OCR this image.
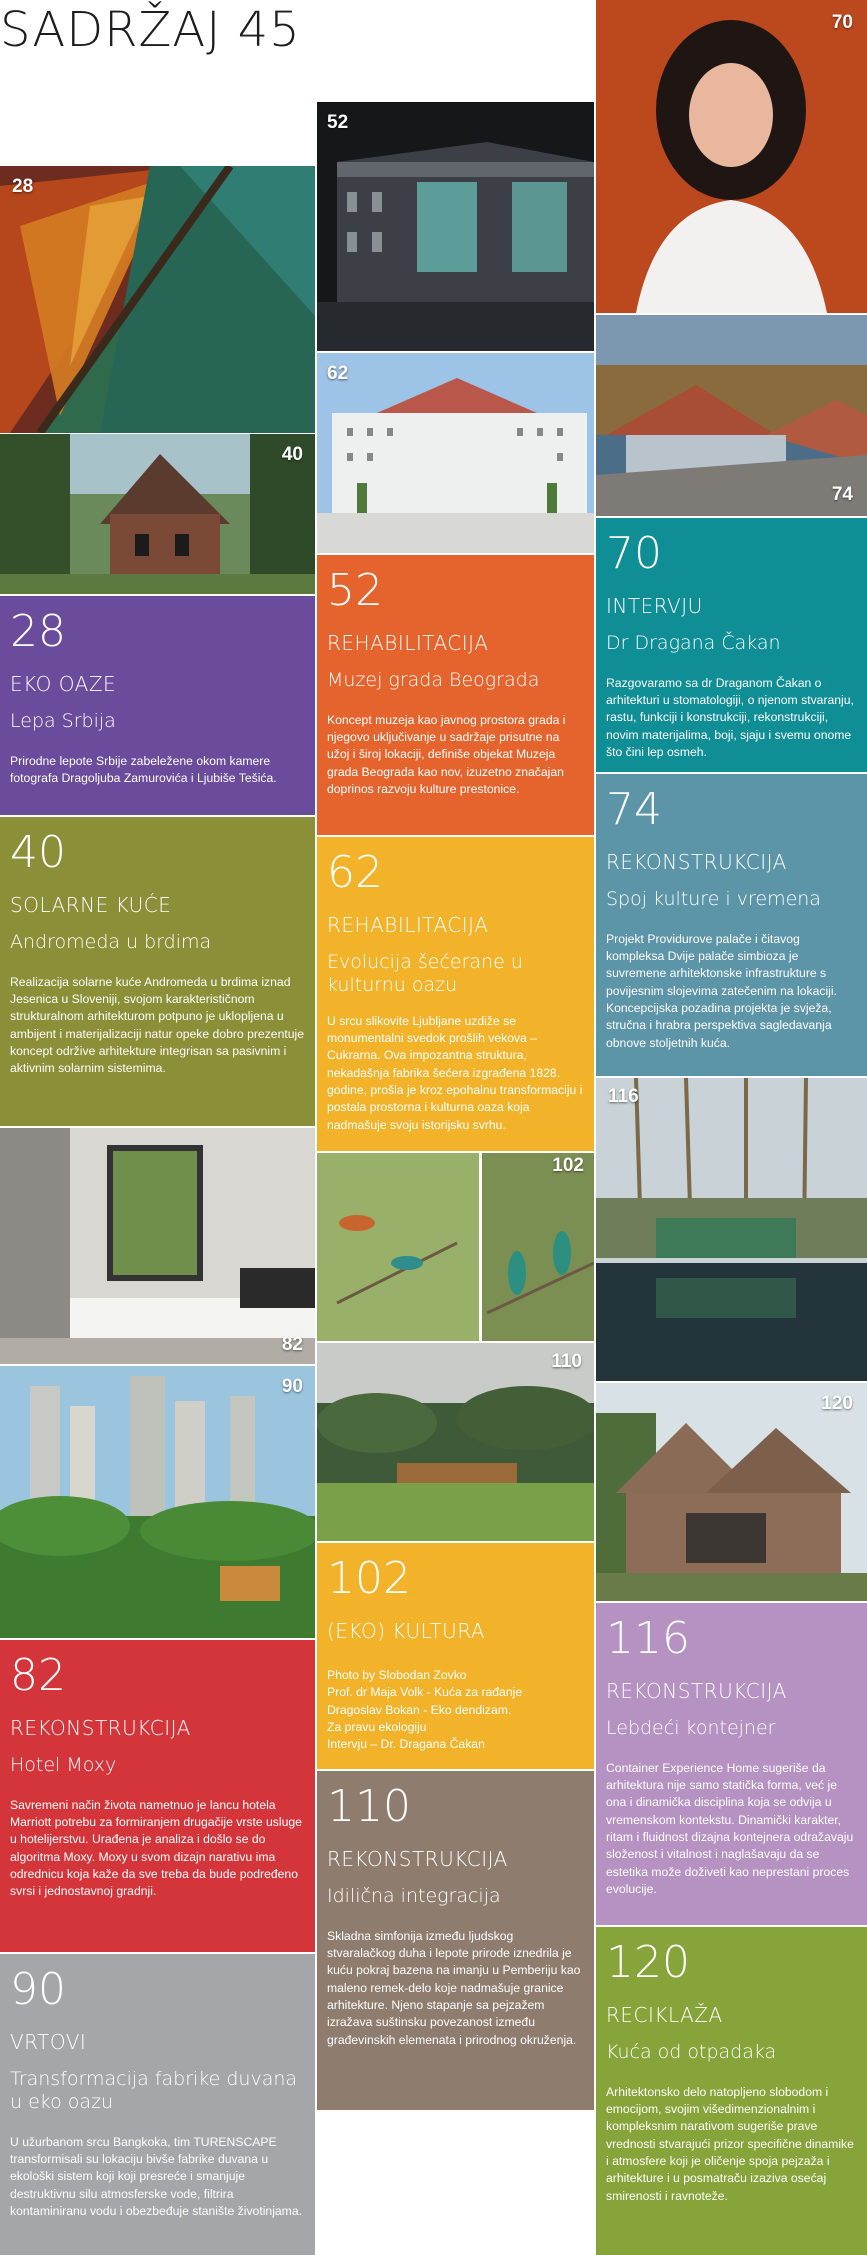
SADRŽAJ 45
28
40
52
62
70
74
82
90
102
110
116
120
28
EKO OAZE
Lepa Srbija
Prirodne lepote Srbije zabeležene okom kamere fotografa Dragoljuba Zamurovića i Ljubiše Tešića.
40
SOLARNE KUĆE
Andromeda u brdima
Realizacija solarne kuće Andromeda u brdima iznad Jesenica u Sloveniji, svojom karakterističnom strukturalnom arhitekturom potpuno je uklopljena u ambijent i materijalizaciji natur opeke dobro prezentuje koncept održive arhitekture integrisan sa pasivnim i aktivnim solarnim sistemima.
82
REKONSTRUKCIJA
Hotel Moxy
Savremeni način života nametnuo je lancu hotela Marriott potrebu za formiranjem drugačije vrste usluge u hotelijerstvu. Urađena je analiza i došlo se do algoritma Moxy. Moxy u svom dizajn narativu ima odrednicu koja kaže da sve treba da bude podređeno svrsi i jednostavnoj gradnji.
90
VRTOVI
Transformacija fabrike duvana u eko oazu
U užurbanom srcu Bangkoka, tim TURENSCAPE transformisali su lokaciju bivše fabrike duvana u ekološki sistem koji koji presreće i smanjuje destruktivnu silu atmosferske vode, filtrira kontaminiranu vodu i obezbeđuje stanište životinjama.
52
REHABILITACIJA
Muzej grada Beograda
Koncept muzeja kao javnog prostora grada i njegovo uključivanje u sadržaje prisutne na užoj i široj lokaciji, definiše objekat Muzeja grada Beograda kao nov, izuzetno značajan doprinos razvoju kulture prestonice.
62
REHABILITACIJA
Evolucija šećerane u kulturnu oazu
U srcu slikovite Ljubljane uzdiže se monumentalni svedok prošlih vekova – Cukrarna. Ova impozantna struktura, nekadašnja fabrika šećera izgrađena 1828. godine, prošla je kroz epohalnu transformaciju i postala prostorna i kulturna oaza koja nadmašuje svoju istorijsku svrhu.
102
(EKO) KULTURA
Photo by Slobodan Zovko
Prof. dr Maja Volk - Kuća za rađanje
Dragoslav Bokan - Eko dendizam.
Za pravu ekologiju
Intervju – Dr. Dragana Čakan
110
REKONSTRUKCIJA
Idilična integracija
Skladna simfonija između ljudskog stvaralačkog duha i lepote prirode iznedrila je kuću pokraj bazena na imanju u Pemberiju kao maleno remek-delo koje nadmašuje granice arhitekture. Njeno stapanje sa pejzažem izražava suštinsku povezanost između građevinskih elemenata i prirodnog okruženja.
70
INTERVJU
Dr Dragana Čakan
Razgovaramo sa dr Draganom Čakan o arhitekturi u stomatologiji, o njenom stvaranju, rastu, funkciji i konstrukciji, rekonstrukciji, novim materijalima, boji, sjaju i svemu onome što čini lep osmeh.
74
REKONSTRUKCIJA
Spoj kulture i vremena
Projekt Providurove palače i čitavog kompleksa Dvije palače simbioza je suvremene arhitektonske infrastrukture s povijesnim slojevima zatečenim na lokaciji. Koncepcijska pozadina projekta je svježa, stručna i hrabra perspektiva sagledavanja obnove stoljetnih kuća.
116
REKONSTRUKCIJA
Lebdeći kontejner
Container Experience Home sugeriše da arhitektura nije samo statička forma, već je ona i dinamička disciplina koja se odvija u vremenskom kontekstu. Dinamički karakter, ritam i fluidnost dizajna kontejnera odražavaju složenost i vitalnost i naglašavaju da se estetika može doživeti kao neprestani proces evolucije.
120
RECIKLAŽA
Kuća od otpadaka
Arhitektonsko delo natopljeno slobodom i emocijom, svojim višedimenzionalnim i kompleksnim narativom sugeriše prave vrednosti stvarajući prizor specifične dinamike i atmosfere koji je oličenje spoja pejzaža i arhitekture i u posmatraču izaziva osećaj smirenosti i ravnoteže.
